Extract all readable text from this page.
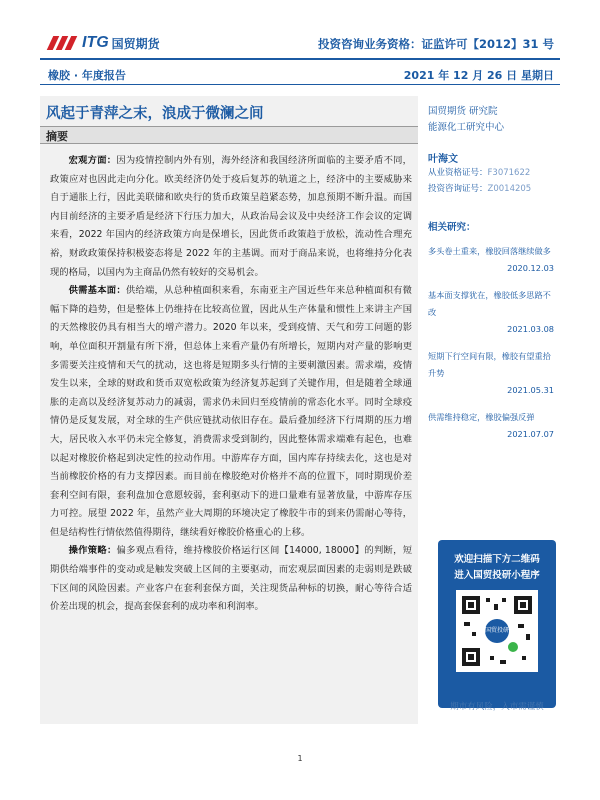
ITG 国贸期货	投资咨询业务资格：证监许可【2012】31 号
橡胶 · 年度报告	2021 年 12 月 26 日 星期日
风起于青萍之末，浪成于微澜之间
摘要

宏观方面：因为疫情控制内外有别，海外经济和我国经济所面临的主要矛盾不同，政策应对也因此走向分化。欧美经济仍处于疫后复苏的轨道之上，经济中的主要威胁来自于通胀上行，因此美联储和欧央行的货币政策呈趋紧态势，加息预期不断升温。而国内目前经济的主要矛盾是经济下行压力加大，从政治局会议及中央经济工作会议的定调来看，2022 年国内的经济政策方向是保增长，因此货币政策趋于放松，流动性合理充裕，财政政策保持积极姿态将是 2022 年的主基调。而对于商品来说，也将维持分化表现的格局，以国内为主商品仍然有较好的交易机会。

供需基本面：供给端，从总种植面积来看，东南亚主产国近些年来总种植面积有微幅下降的趋势，但是整体上仍维持在比较高位置，因此从生产体量和惯性上来讲主产国的天然橡胶仍具有相当大的增产潜力。2020 年以来，受到疫情、天气和劳工问题的影响，单位面积开割量有所下滑，但总体上来看产量仍有所增长，短期内对产量的影响更多需要关注疫情和天气的扰动，这也将是短期多头行情的主要刺激因素。需求端，疫情发生以来，全球的财政和货币双宽松政策为经济复苏起到了关键作用，但是随着全球通胀的走高以及经济复苏动力的减弱，需求仍未回归至疫情前的常态化水平。同时全球疫情仍是反复发展，对全球的生产供应链扰动依旧存在。最后叠加经济下行周期的压力增大，居民收入水平仍未完全修复，消费需求受到制约，因此整体需求端难有起色，也难以起对橡胶价格起到决定性的拉动作用。中游库存方面，国内库存持续去化，这也是对当前橡胶价格的有力支撑因素。而目前在橡胶绝对价格并不高的位置下，同时期现价差套利空间有限，套利盘加仓意愿较弱，套利驱动下的进口量难有显著放量，中游库存压力可控。展望 2022 年，虽然产业大周期的环境决定了橡胶牛市的到来仍需耐心等待，但是结构性行情依然值得期待，继续看好橡胶价格重心的上移。

操作策略：偏多观点看待，维持橡胶价格运行区间【14000, 18000】的判断，短期供给端事件的变动或是触发突破上区间的主要驱动，而宏观层面因素的走弱则是跌破下区间的风险因素。产业客户在套利套保方面，关注现货品种标的切换，耐心等待合适价差出现的机会，提高套保套利的成功率和利润率。

国贸期货 研究院
能源化工研究中心
叶海文
从业资格证号：F3071622
投资咨询证号：Z0014205
相关研究：
多头卷土重来，橡胶回落继续做多
2020.12.03
基本面支撑犹在，橡胶低多思路不改
2021.03.08
短期下行空间有限，橡胶有望重拾升势
2021.05.31
供需维持稳定，橡胶偏强反弹
2021.07.07
欢迎扫描下方二维码
进入国贸投研小程序
国贸投研
期市有风险，入市需谨慎
1
